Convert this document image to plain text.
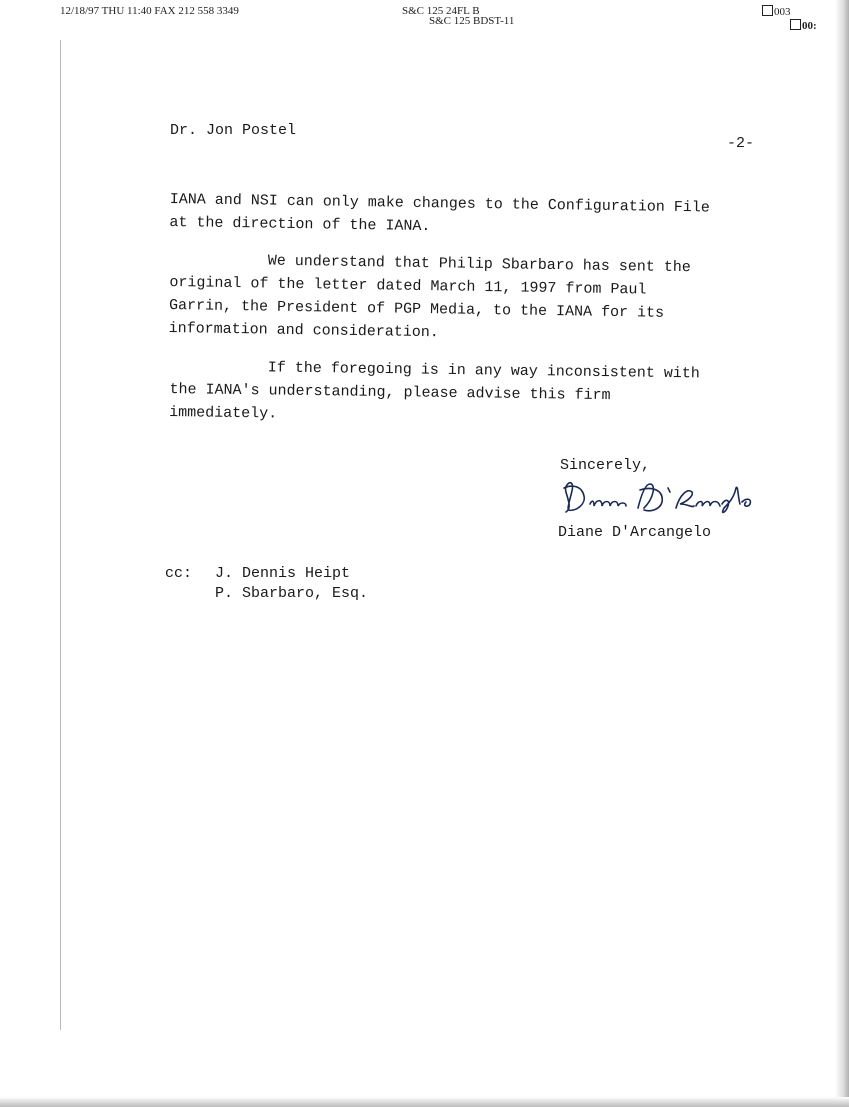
12/18/97 THU 11:40 FAX 212 558 3349	S&C 125 24FL B
S&C 125 BDST-11
003
00:
Dr. Jon Postel
-2-
IANA and NSI can only make changes to the Configuration File
at the direction of the IANA.
We understand that Philip Sbarbaro has sent the
original of the letter dated March 11, 1997 from Paul
Garrin, the President of PGP Media, to the IANA for its
information and consideration.
If the foregoing is in any way inconsistent with
the IANA's understanding, please advise this firm
immediately.
Sincerely,
Diane D'Arcangelo
cc: J. Dennis Heipt
P. Sbarbaro, Esq.
